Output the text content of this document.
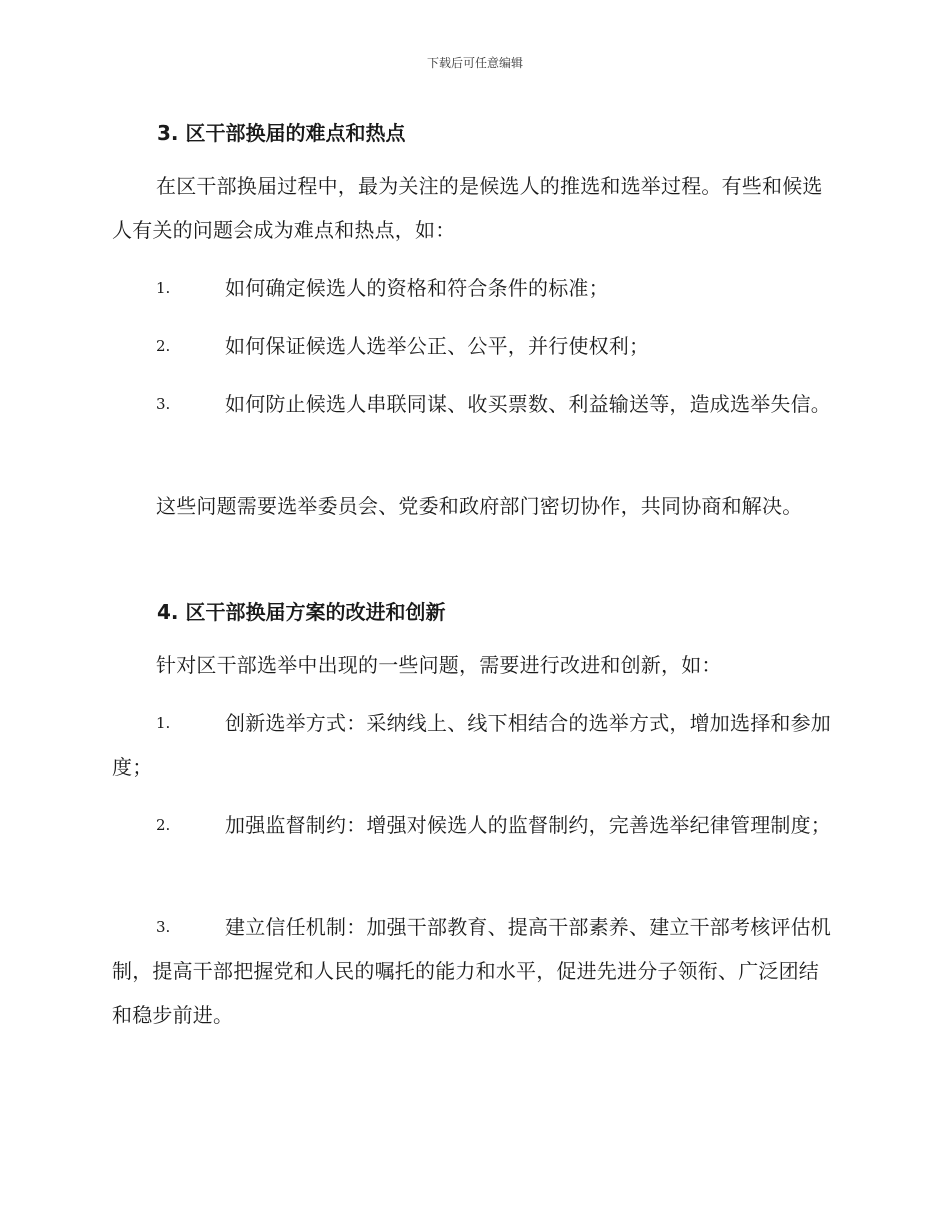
下载后可任意编辑
3. 区干部换届的难点和热点
在区干部换届过程中，最为关注的是候选人的推选和选举过程。有些和候选人有关的问题会成为难点和热点，如：
1.	如何确定候选人的资格和符合条件的标准；
2.	如何保证候选人选举公正、公平，并行使权利；
3.	如何防止候选人串联同谋、收买票数、利益输送等，造成选举失信。
这些问题需要选举委员会、党委和政府部门密切协作，共同协商和解决。
4. 区干部换届方案的改进和创新
针对区干部选举中出现的一些问题，需要进行改进和创新，如：
1.	创新选举方式：采纳线上、线下相结合的选举方式，增加选择和参加度；
2.	加强监督制约：增强对候选人的监督制约，完善选举纪律管理制度；
3.	建立信任机制：加强干部教育、提高干部素养、建立干部考核评估机制，提高干部把握党和人民的嘱托的能力和水平，促进先进分子领衔、广泛团结和稳步前进。
